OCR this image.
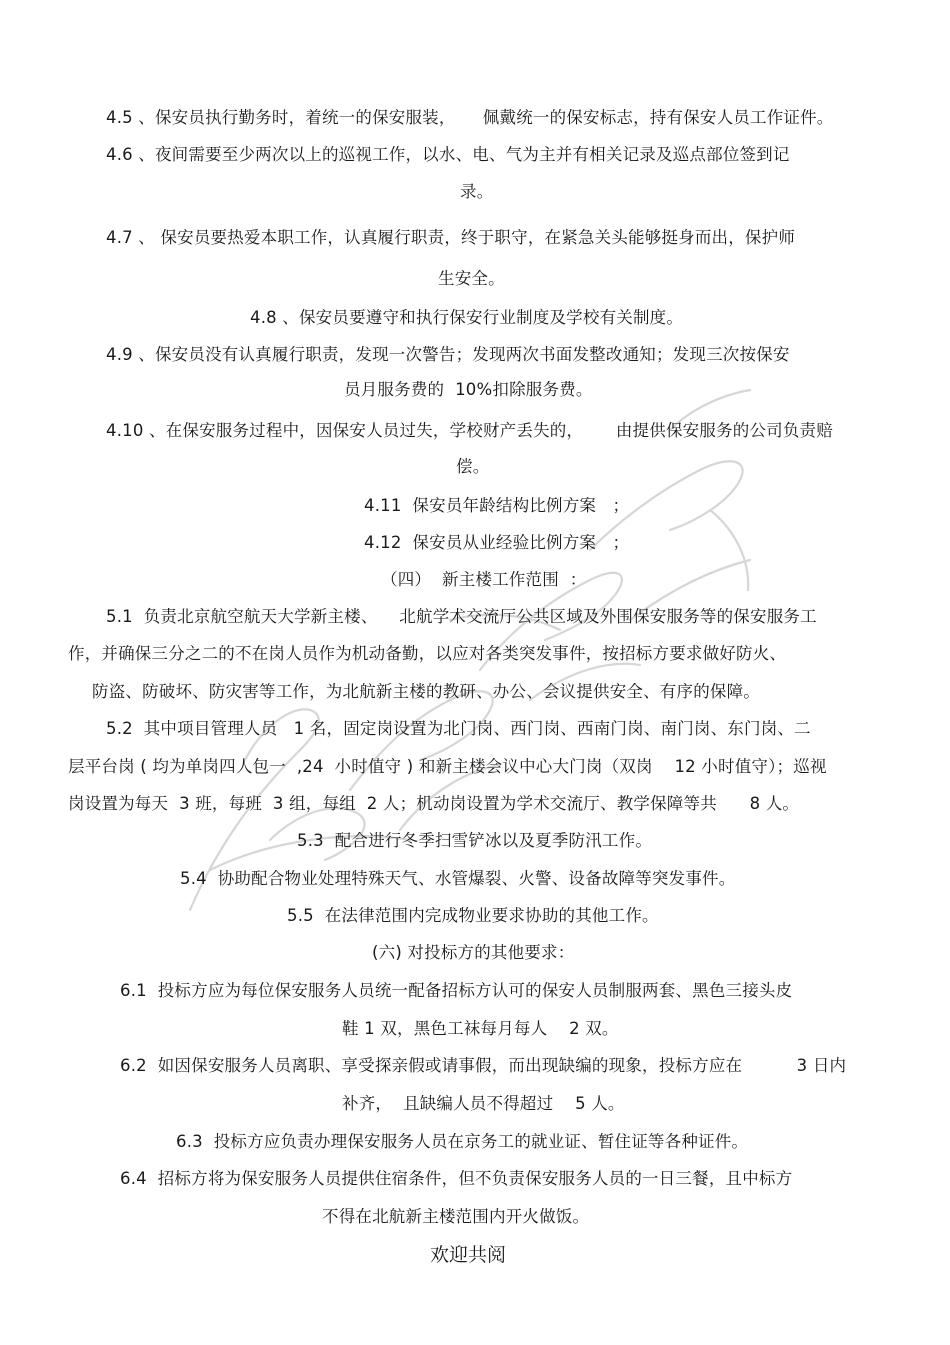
4.5 、保安员执行勤务时，着统一的保安服装，     佩戴统一的保安标志，持有保安人员工作证件。
4.6 、夜间需要至少两次以上的巡视工作，以水、电、气为主并有相关记录及巡点部位签到记
录。
4.7 、 保安员要热爱本职工作，认真履行职责，终于职守，在紧急关头能够挺身而出，保护师
生安全。
4.8 、保安员要遵守和执行保安行业制度及学校有关制度。
4.9 、保安员没有认真履行职责，发现一次警告；发现两次书面发整改通知；发现三次按保安
员月服务费的  10%扣除服务费。
4.10 、在保安服务过程中，因保安人员过失，学校财产丢失的，      由提供保安服务的公司负责赔
偿。
4.11  保安员年龄结构比例方案   ；
4.12  保安员从业经验比例方案   ；
（四）  新主楼工作范围  ：
5.1  负责北京航空航天大学新主楼、    北航学术交流厅公共区域及外围保安服务等的保安服务工
作，并确保三分之二的不在岗人员作为机动备勤，以应对各类突发事件，按招标方要求做好防火、
防盗、防破坏、防灾害等工作，为北航新主楼的教研、办公、会议提供安全、有序的保障。
5.2  其中项目管理人员   1 名，固定岗设置为北门岗、西门岗、西南门岗、南门岗、东门岗、二
层平台岗 ( 均为单岗四人包一  ,24  小时值守 ) 和新主楼会议中心大门岗（双岗    12 小时值守）；巡视
岗设置为每天  3 班，每班  3 组，每组  2 人；机动岗设置为学术交流厅、教学保障等共      8 人。
5.3  配合进行冬季扫雪铲冰以及夏季防汛工作。
5.4  协助配合物业处理特殊天气、水管爆裂、火警、设备故障等突发事件。
5.5  在法律范围内完成物业要求协助的其他工作。
(六) 对投标方的其他要求：
6.1  投标方应为每位保安服务人员统一配备招标方认可的保安人员制服两套、黑色三接头皮
鞋 1 双，黑色工袜每月每人    2 双。
6.2  如因保安服务人员离职、享受探亲假或请事假，而出现缺编的现象，投标方应在          3 日内
补齐，  且缺编人员不得超过    5 人。
6.3  投标方应负责办理保安服务人员在京务工的就业证、暂住证等各种证件。
6.4  招标方将为保安服务人员提供住宿条件，但不负责保安服务人员的一日三餐，且中标方
不得在北航新主楼范围内开火做饭。
欢迎共阅
